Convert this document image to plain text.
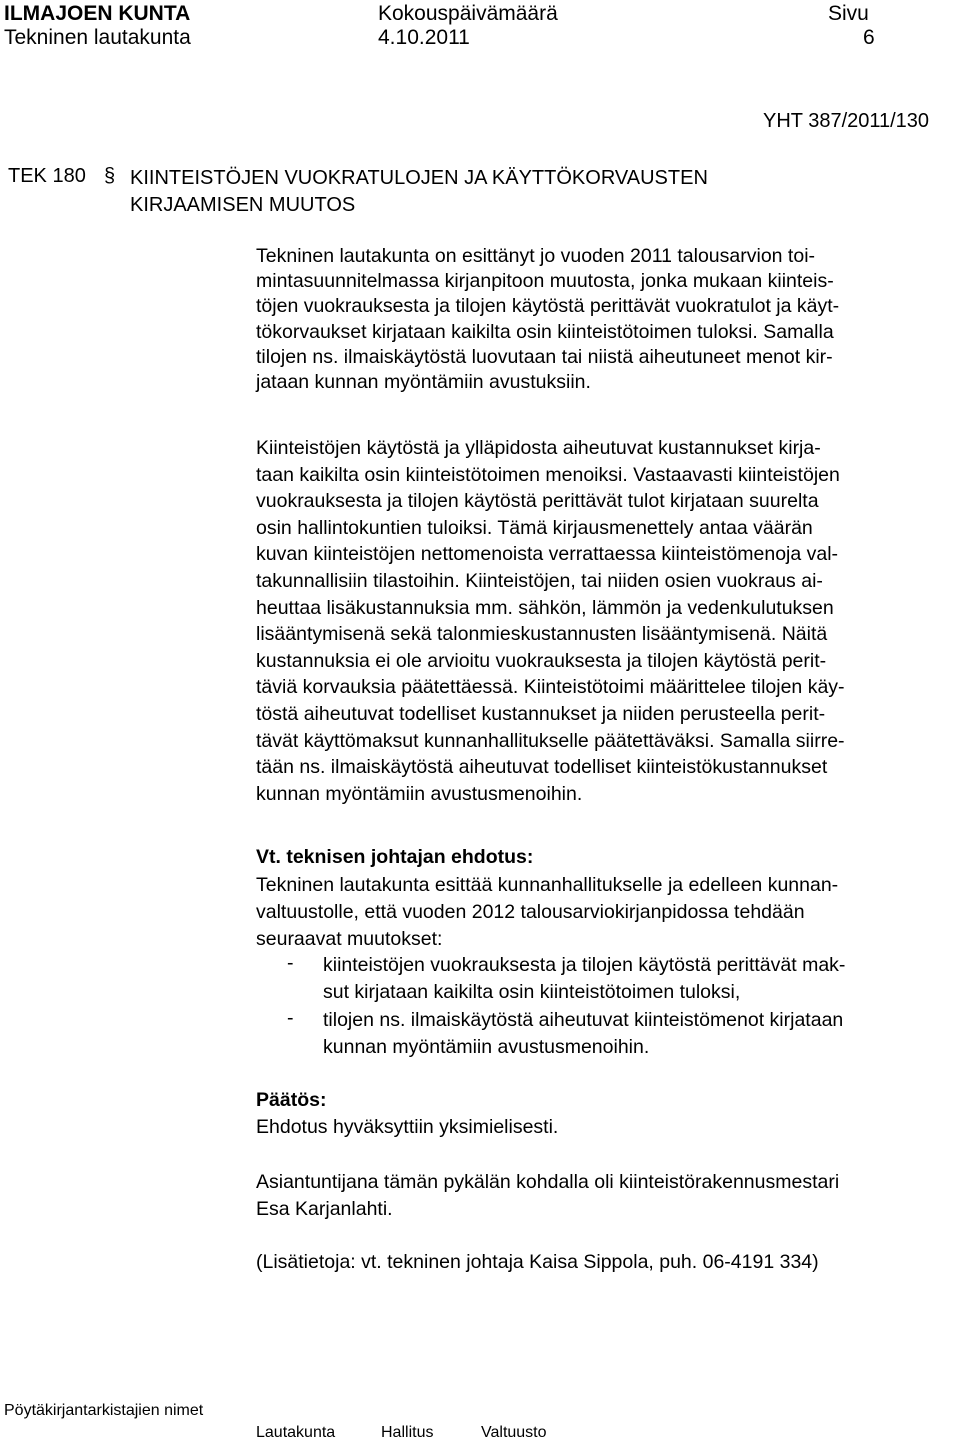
ILMAJOEN KUNTA
Tekninen lautakunta
Kokouspäivämäärä
4.10.2011
Sivu
6
YHT 387/2011/130
TEK 180 § KIINTEISTÖJEN VUOKRATULOJEN JA KÄYTTÖKORVAUSTEN
KIRJAAMISEN MUUTOS
Tekninen lautakunta on esittänyt jo vuoden 2011 talousarvion toi-
mintasuunnitelmassa kirjanpitoon muutosta, jonka mukaan kiinteis-
töjen vuokrauksesta ja tilojen käytöstä perittävät vuokratulot ja käyt-
tökorvaukset kirjataan kaikilta osin kiinteistötoimen tuloksi. Samalla
tilojen ns. ilmaiskäytöstä luovutaan tai niistä aiheutuneet menot kir-
jataan kunnan myöntämiin avustuksiin.
Kiinteistöjen käytöstä ja ylläpidosta aiheutuvat kustannukset kirja-
taan kaikilta osin kiinteistötoimen menoiksi. Vastaavasti kiinteistöjen
vuokrauksesta ja tilojen käytöstä perittävät tulot kirjataan suurelta
osin hallintokuntien tuloiksi. Tämä kirjausmenettely antaa väärän
kuvan kiinteistöjen nettomenoista verrattaessa kiinteistömenoja val-
takunnallisiin tilastoihin. Kiinteistöjen, tai niiden osien vuokraus ai-
heuttaa lisäkustannuksia mm. sähkön, lämmön ja vedenkulutuksen
lisääntymisenä sekä talonmieskustannusten lisääntymisenä. Näitä
kustannuksia ei ole arvioitu vuokrauksesta ja tilojen käytöstä perit-
täviä korvauksia päätettäessä. Kiinteistötoimi määrittelee tilojen käy-
töstä aiheutuvat todelliset kustannukset ja niiden perusteella perit-
tävät käyttömaksut kunnanhallitukselle päätettäväksi. Samalla siirre-
tään ns. ilmaiskäytöstä aiheutuvat todelliset kiinteistökustannukset
kunnan myöntämiin avustusmenoihin.
Vt. teknisen johtajan ehdotus:
Tekninen lautakunta esittää kunnanhallitukselle ja edelleen kunnan-
valtuustolle, että vuoden 2012 talousarviokirjanpidossa tehdään
seuraavat muutokset:
- kiinteistöjen vuokrauksesta ja tilojen käytöstä perittävät mak-
sut kirjataan kaikilta osin kiinteistötoimen tuloksi,
- tilojen ns. ilmaiskäytöstä aiheutuvat kiinteistömenot kirjataan
kunnan myöntämiin avustusmenoihin.
Päätös:
Ehdotus hyväksyttiin yksimielisesti.
Asiantuntijana tämän pykälän kohdalla oli kiinteistörakennusmestari
Esa Karjanlahti.
(Lisätietoja: vt. tekninen johtaja Kaisa Sippola, puh. 06-4191 334)
Pöytäkirjantarkistajien nimet
Lautakunta	Hallitus	Valtuusto
